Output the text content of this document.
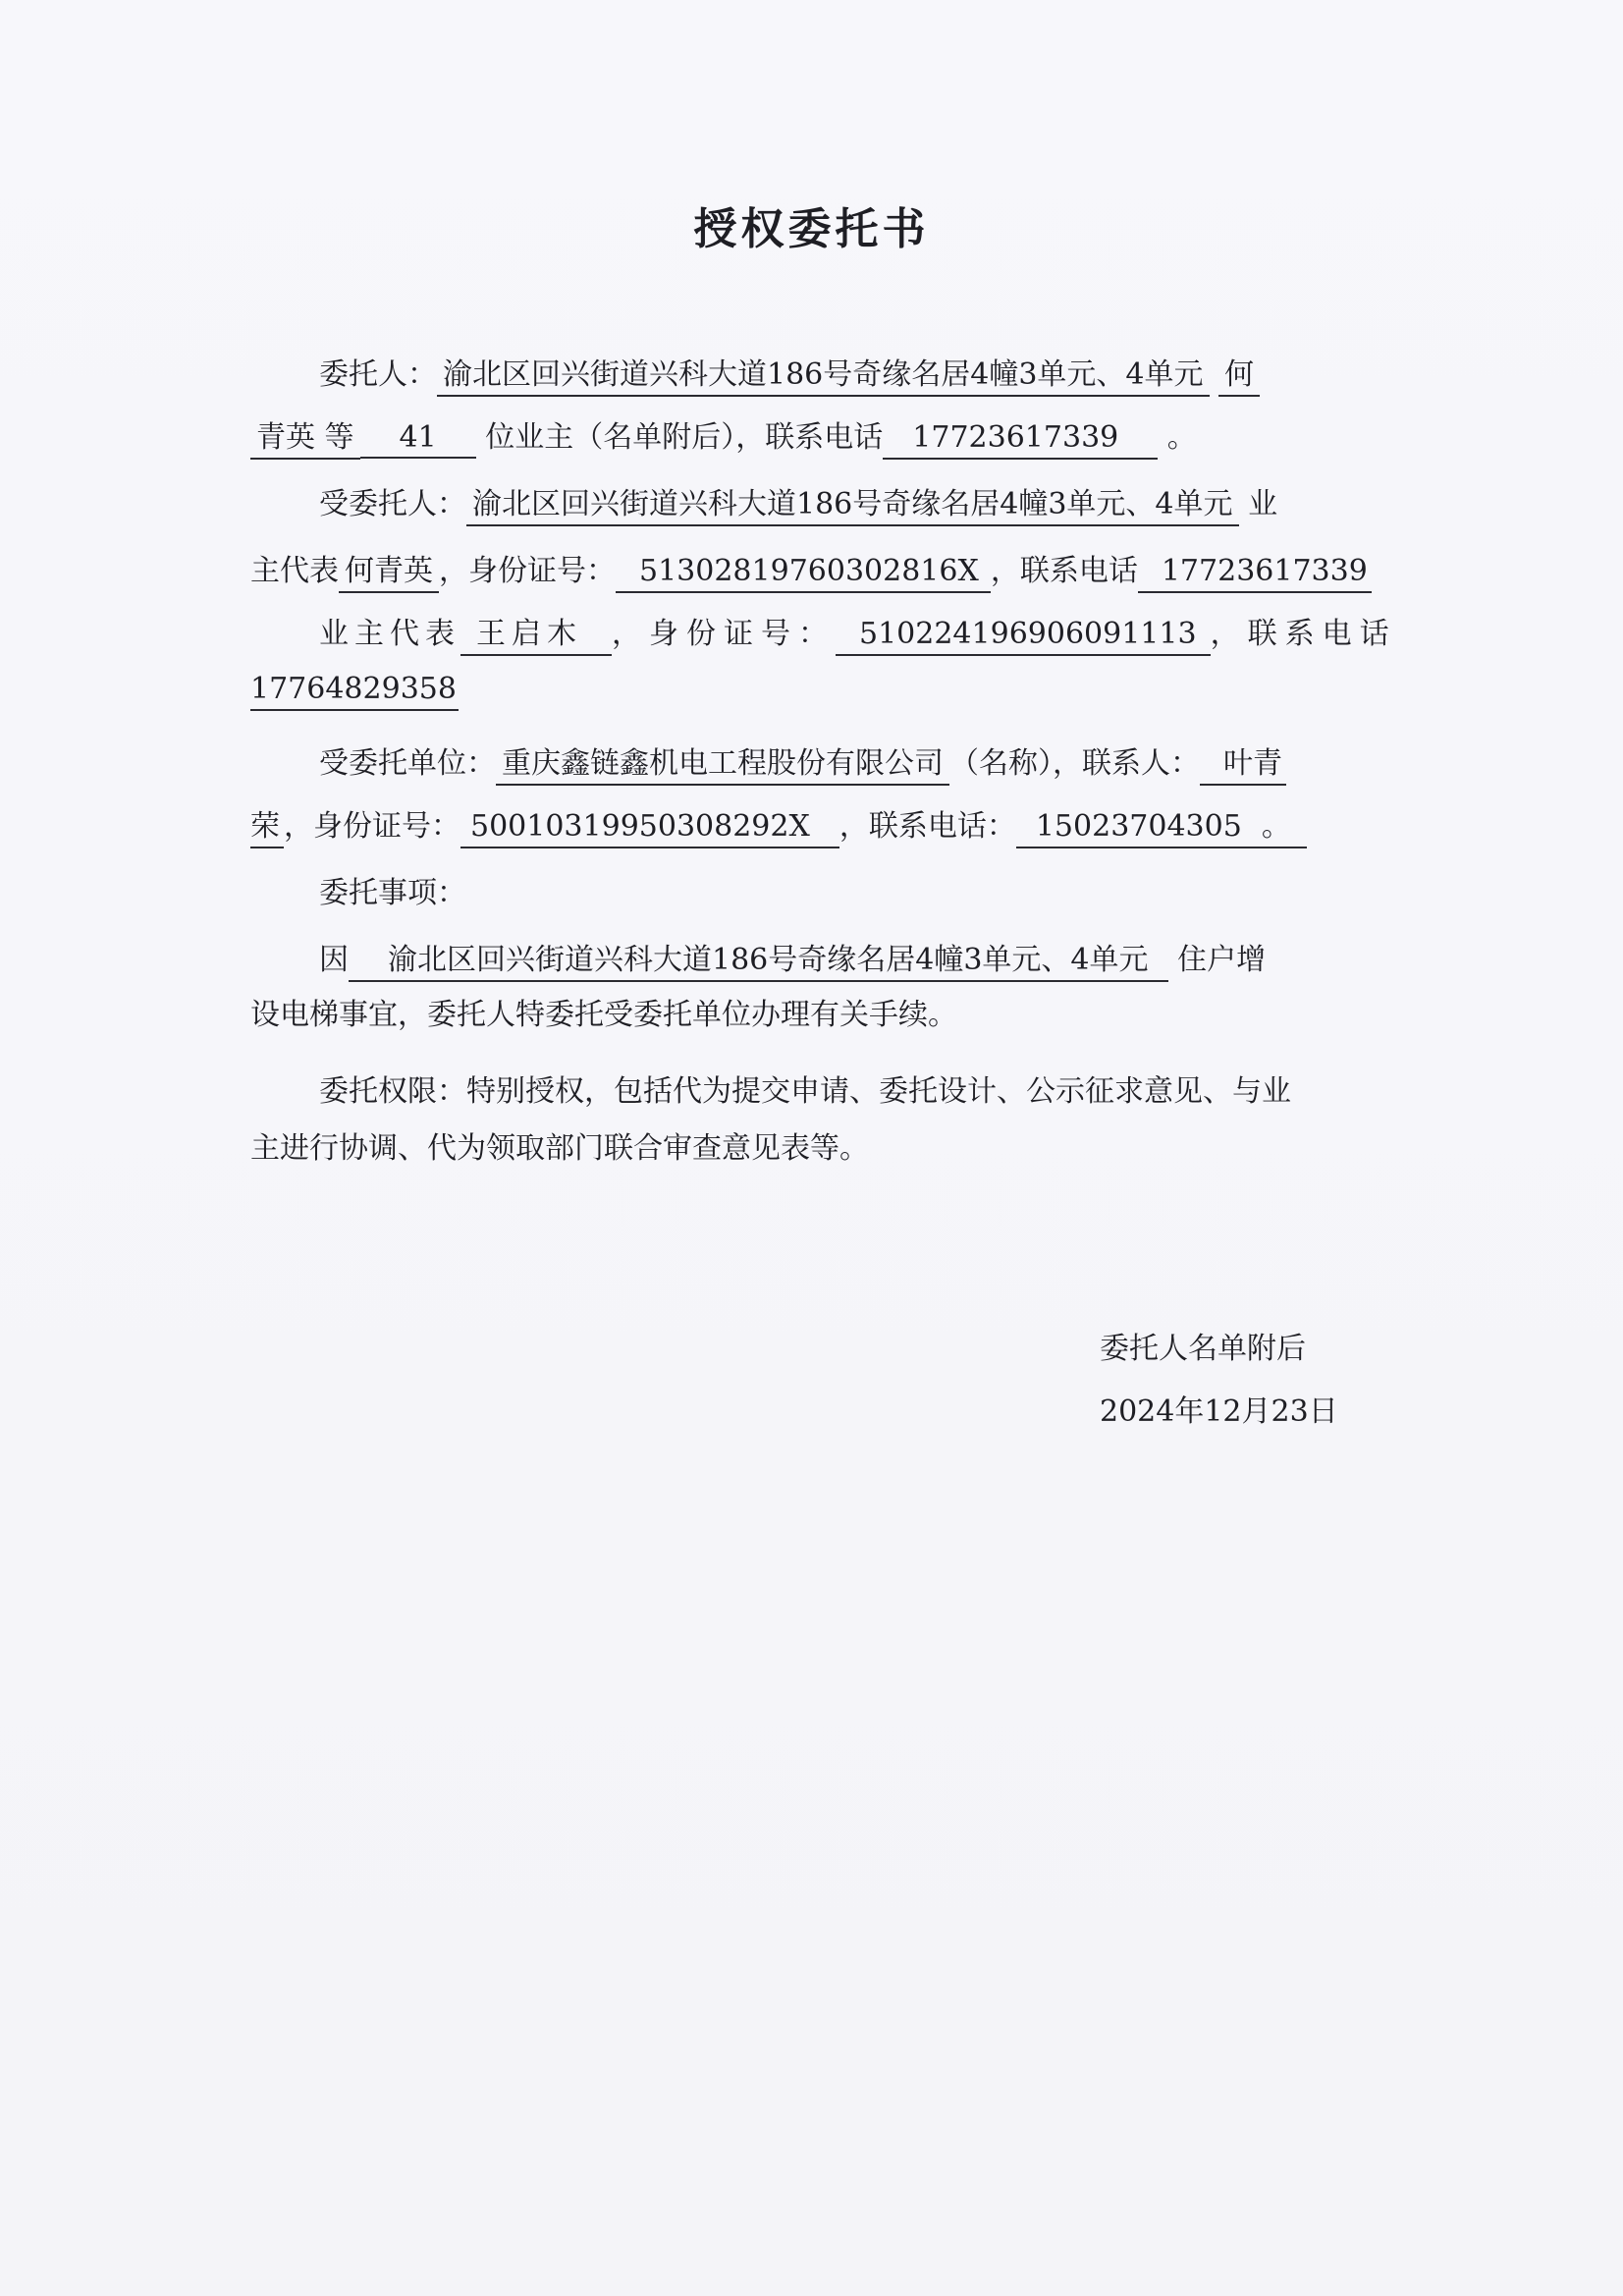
授权委托书
委托人： 渝北区回兴街道兴科大道186号奇缘名居4幢3单元、4单元 何
青英 等 41 位业主（名单附后），联系电话 17723617339 。
受委托人： 渝北区回兴街道兴科大道186号奇缘名居4幢3单元、4单元 业
主代表 何青英 ，身份证号： 51302819760302816X ，联系电话 17723617339
业主代表 王启木 ，身份证号： 510224196906091113 ，联系电话
17764829358
受委托单位： 重庆鑫链鑫机电工程股份有限公司 （名称），联系人： 叶青
荣 ，身份证号： 50010319950308292X ，联系电话： 15023704305 。
委托事项：
因 渝北区回兴街道兴科大道186号奇缘名居4幢3单元、4单元 住户增
设电梯事宜，委托人特委托受委托单位办理有关手续。
委托权限：特别授权，包括代为提交申请、委托设计、公示征求意见、与业
主进行协调、代为领取部门联合审查意见表等。
委托人名单附后
2024年12月23日
